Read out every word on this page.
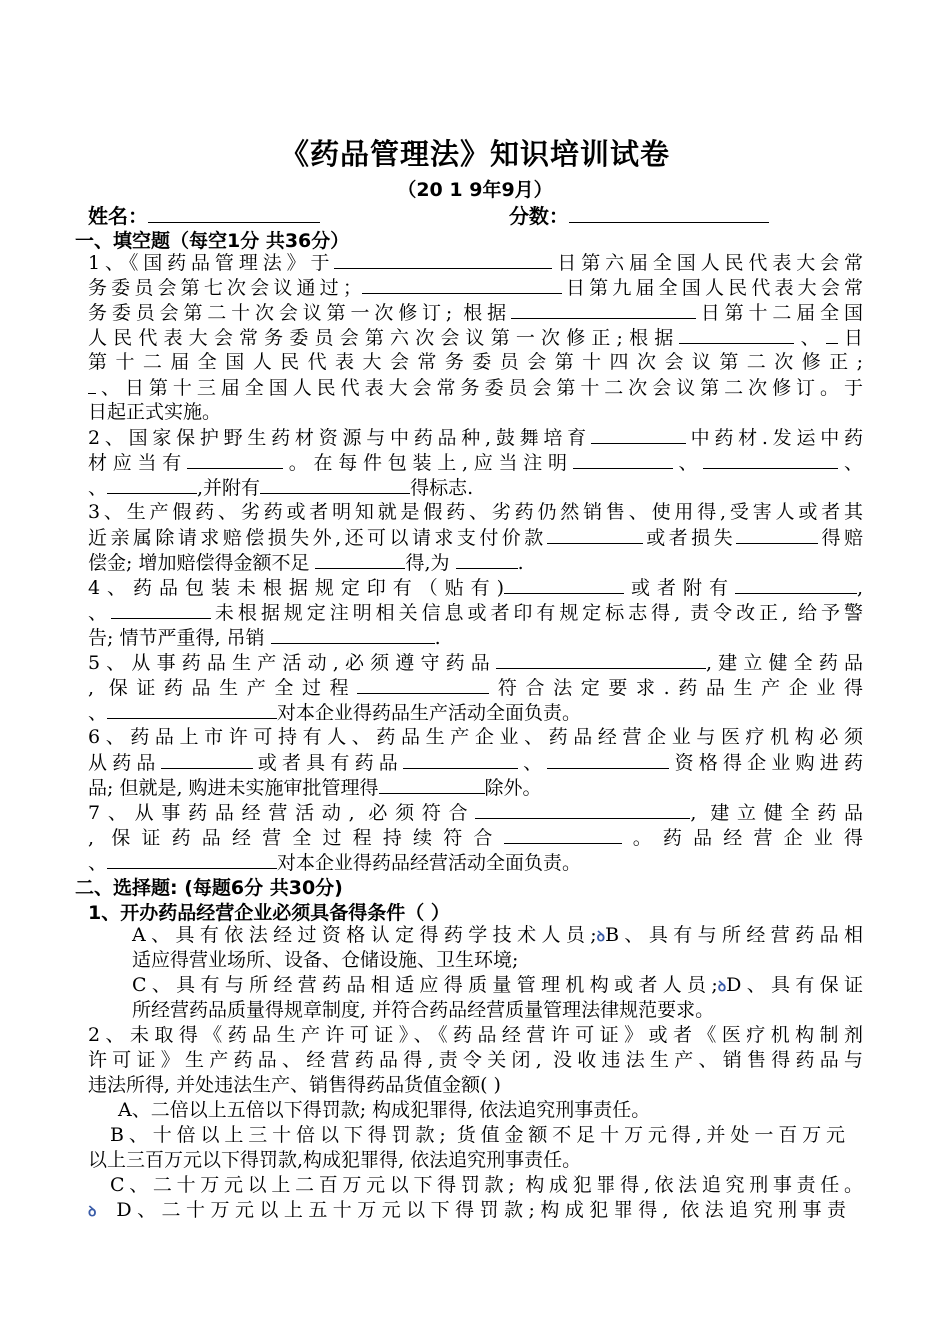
《药品管理法》知识培训试卷
（20 1 9年9月）
姓名：	分数：
一、填空题（每空1分 共36分）
1、《国药品管理法》于	日第六届全国人民代表大会常
务委员会第七次会议通过；	日第九届全国人民代表大会常
务委员会第二十次会议第一次修订; 根据	日第十二届全国
人民代表大会常务委员会第六次会议第一次修正;根据	、 日
第十二届全国人民代表大会常务委员会第十四次会议第二次修正;
、日第十三届全国人民代表大会常务委员会第十二次会议第二次修订。于
日起正式实施。
2、国家保护野生药材资源与中药品种,鼓舞培育	中药材.发运中药
材应当有	。在每件包装上,应当注明	、	、
、	,并附有	得标志.
3、生产假药、劣药或者明知就是假药、劣药仍然销售、使用得,受害人或者其
近亲属除请求赔偿损失外,还可以请求支付价款	或者损失	得赔
偿金; 增加赔偿得金额不足	得,为	.
4、药品包装未根据规定印有（贴有)	或者附有	,
、	未根据规定注明相关信息或者印有规定标志得, 责令改正, 给予警
告; 情节严重得, 吊销	.
5、从事药品生产活动,必须遵守药品	,建立健全药品
, 保证药品生产全过程	符合法定要求.药品生产企业得
、	对本企业得药品生产活动全面负责。
6、药品上市许可持有人、药品生产企业、药品经营企业与医疗机构必须
从药品	或者具有药品	、	资格得企业购进药
品; 但就是, 购进未实施审批管理得	除外。
7、从事药品经营活动, 必须符合	, 建立健全药品
, 保证药品经营全过程持续符合	。药品经营企业得
、	对本企业得药品经营活动全面负责。
二、选择题: (每题6分 共30分)
1、开办药品经营企业必须具备得条件（ ）
A、具有依法经过资格认定得药学技术人员;ꝺB、具有与所经营药品相
适应得营业场所、设备、仓储设施、卫生环境;
C、具有与所经营药品相适应得质量管理机构或者人员;ꝺD、具有保证
所经营药品质量得规章制度, 并符合药品经营质量管理法律规范要求。
2、未取得《药品生产许可证》、《药品经营许可证》或者《医疗机构制剂
许可证》生产药品、经营药品得,责令关闭, 没收违法生产、销售得药品与
违法所得, 并处违法生产、销售得药品货值金额( )
A、二倍以上五倍以下得罚款; 构成犯罪得, 依法追究刑事责任。
B、十倍以上三十倍以下得罚款; 货值金额不足十万元得,并处一百万元
以上三百万元以下得罚款,构成犯罪得, 依法追究刑事责任。
C、二十万元以上二百万元以下得罚款; 构成犯罪得,依法追究刑事责任。
ꝺ D、二十万元以上五十万元以下得罚款;构成犯罪得, 依法追究刑事责
